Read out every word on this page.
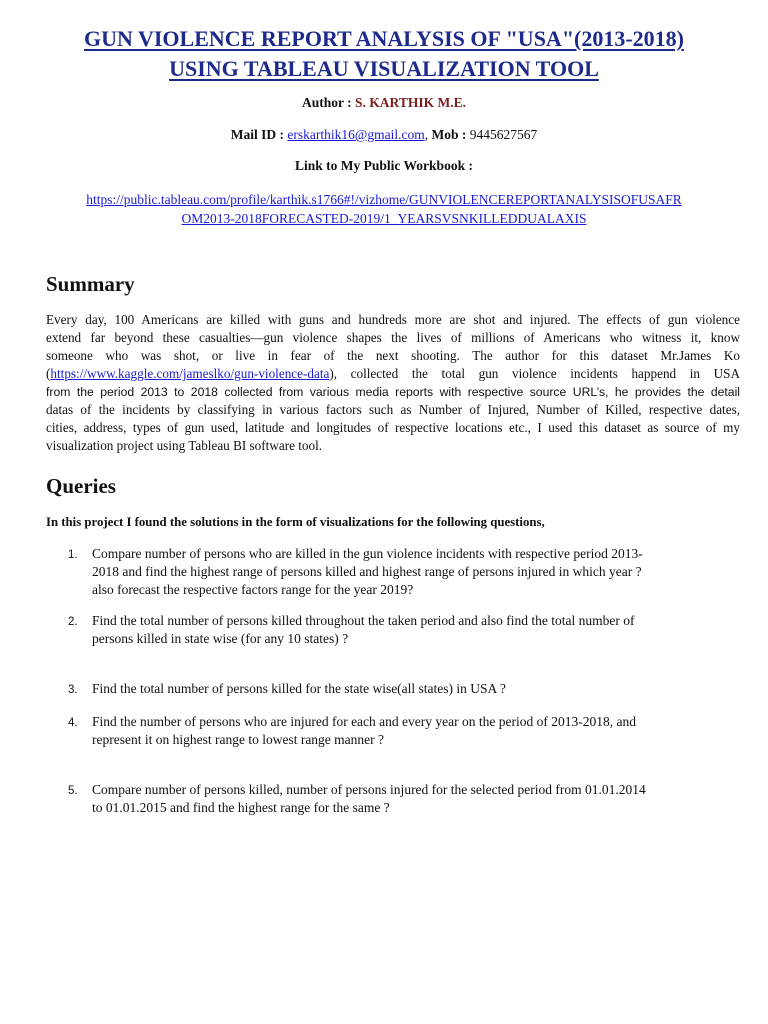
GUN VIOLENCE REPORT ANALYSIS OF "USA"(2013-2018)
USING TABLEAU VISUALIZATION TOOL
Author : S. KARTHIK M.E.
Mail ID : erskarthik16@gmail.com, Mob : 9445627567
Link to My Public Workbook :
https://public.tableau.com/profile/karthik.s1766#!/vizhome/GUNVIOLENCEREPORTANALYSISOFUSAFR
OM2013-2018FORECASTED-2019/1_YEARSVSNKILLEDDUALAXIS
Summary
Every day, 100 Americans are killed with guns and hundreds more are shot and injured. The effects of gun violence
extend far beyond these casualties—gun violence shapes the lives of millions of Americans who witness it, know
someone who was shot, or live in fear of the next shooting. The author for this dataset Mr.James Ko
(https://www.kaggle.com/jameslko/gun-violence-data), collected the total gun violence incidents happend in USA
from the period 2013 to 2018 collected from various media reports with respective source URL’s, he provides the detail
datas of the incidents by classifying in various factors such as Number of Injured, Number of Killed, respective dates,
cities, address, types of gun used, latitude and longitudes of respective locations etc., I used this dataset as source of my
visualization project using Tableau BI software tool.
Queries
In this project I found the solutions in the form of visualizations for the following questions,
1. Compare number of persons who are killed in the gun violence incidents with respective period 2013-
2018 and find the highest range of persons killed and highest range of persons injured in which year ?
also forecast the respective factors range for the year 2019?
2. Find the total number of persons killed throughout the taken period and also find the total number of
persons killed in state wise (for any 10 states) ?
3. Find the total number of persons killed for the state wise(all states) in USA ?
4. Find the number of persons who are injured for each and every year on the period of 2013-2018, and
represent it on highest range to lowest range manner ?
5. Compare number of persons killed, number of persons injured for the selected period from 01.01.2014
to 01.01.2015 and find the highest range for the same ?
